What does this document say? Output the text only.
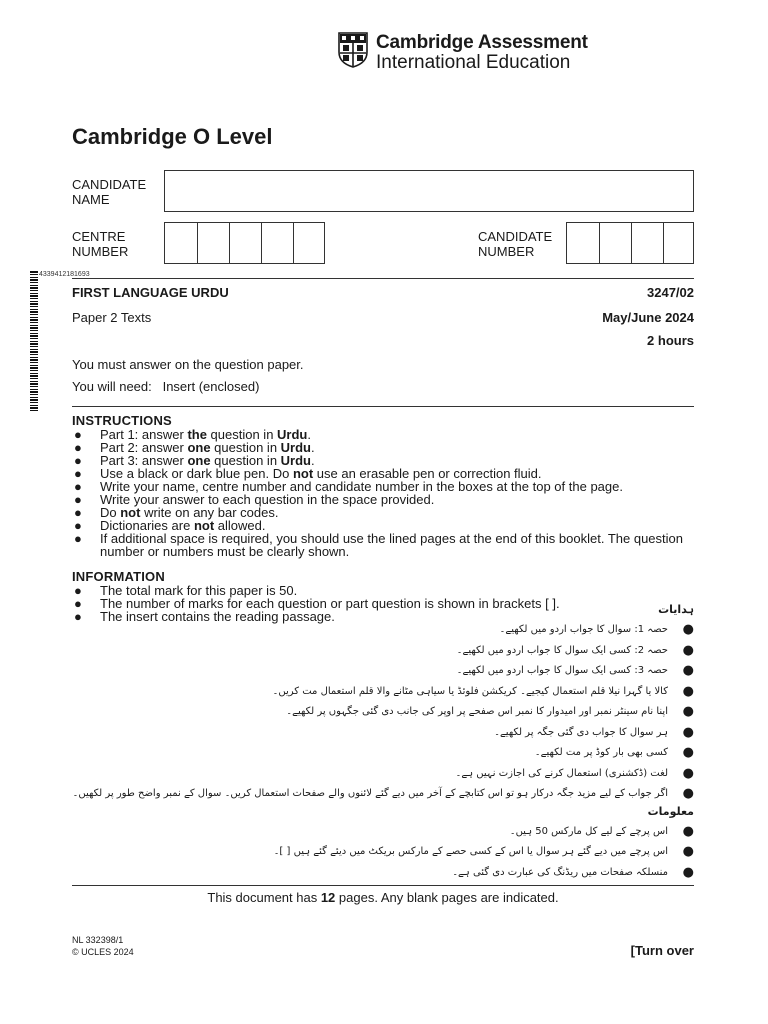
Cambridge Assessment
International Education
Cambridge O Level
CANDIDATE
NAME
CENTRE
NUMBER
CANDIDATE
NUMBER
4339412181693
FIRST LANGUAGE URDU	3247/02
Paper 2 Texts	May/June 2024
2 hours
You must answer on the question paper.
You will need: Insert (enclosed)
INSTRUCTIONS
● Part 1: answer the question in Urdu.
● Part 2: answer one question in Urdu.
● Part 3: answer one question in Urdu.
● Use a black or dark blue pen. Do not use an erasable pen or correction fluid.
● Write your name, centre number and candidate number in the boxes at the top of the page.
● Write your answer to each question in the space provided.
● Do not write on any bar codes.
● Dictionaries are not allowed.
● If additional space is required, you should use the lined pages at the end of this booklet. The question number or numbers must be clearly shown.
INFORMATION
● The total mark for this paper is 50.
● The number of marks for each question or part question is shown in brackets [ ].
● The insert contains the reading passage.	ہدایات
●
حصہ 1: سوال کا جواب اردو میں لکھیے۔
●
حصہ 2: کسی ایک سوال کا جواب اردو میں لکھیے۔
●
حصہ 3: کسی ایک سوال کا جواب اردو میں لکھیے۔
●
کالا یا گہرا نیلا قلم استعمال کیجیے۔ کریکشن فلوئڈ یا سیاہی مٹانے والا قلم استعمال مت کریں۔
●
اپنا نام سینٹر نمبر اور امیدوار کا نمبر اس صفحے پر اوپر کی جانب دی گئی جگہوں پر لکھیے۔
●
ہر سوال کا جواب دی گئی جگہ پر لکھیے۔
●
کسی بھی بار کوڈ پر مت لکھیے۔
●
لغت (ڈکشنری) استعمال کرنے کی اجازت نہیں ہے۔
●
اگر جواب کے لیے مزید جگہ درکار ہو تو اس کتابچے کے آخر میں دیے گئے لائنوں والے صفحات استعمال کریں۔ سوال کے نمبر واضح طور پر لکھیں۔
معلومات
●
اس پرچے کے لیے کل مارکس 50 ہیں۔
●
اس پرچے میں دیے گئے ہر سوال یا اس کے کسی حصے کے مارکس بریکٹ میں دیئے گئے ہیں [ ]۔
●
منسلکہ صفحات میں ریڈنگ کی عبارت دی گئی ہے۔
This document has 12 pages. Any blank pages are indicated.
NL 332398/1
© UCLES 2024	[Turn over
